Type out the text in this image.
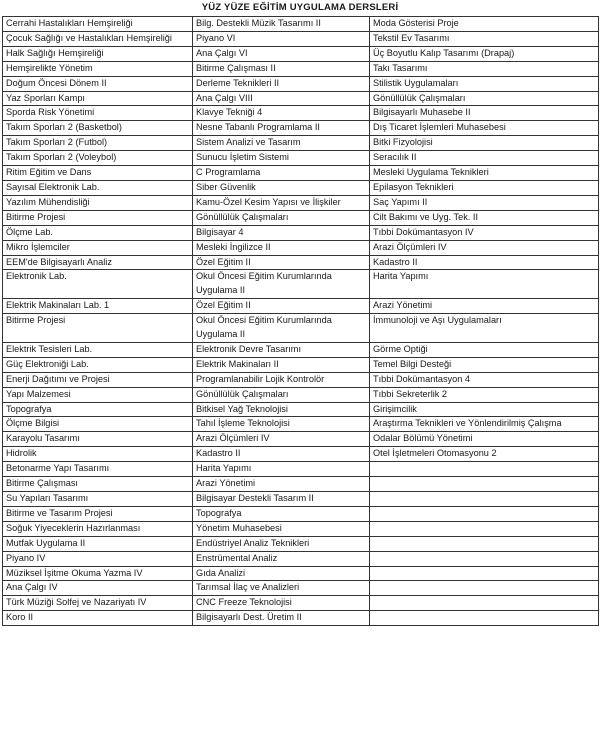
YÜZ YÜZE EĞİTİM UYGULAMA DERSLERİ
Cerrahi Hastalıkları Hemşireliği	Bilg. Destekli Müzik Tasarımı II	Moda Gösterisi Proje
Çocuk Sağlığı ve Hastalıkları Hemşireliği	Piyano VI	Tekstil Ev Tasarımı
Halk Sağlığı Hemşireliği	Ana Çalgı VI	Üç Boyutlu Kalıp Tasarımı (Drapaj)
Hemşirelikte Yönetim	Bitirme Çalışması II	Takı Tasarımı
Doğum Öncesi Dönem II	Derleme Teknikleri II	Stilistik Uygulamaları
Yaz Sporları Kampı	Ana Çalgı VIII	Gönüllülük Çalışmaları
Sporda Risk Yönetimi	Klavye Tekniği 4	Bilgisayarlı Muhasebe II
Takım Sporları 2 (Basketbol)	Nesne Tabanlı Programlama II	Dış Ticaret İşlemleri Muhasebesi
Takım Sporları 2 (Futbol)	Sistem Analizi ve Tasarım	Bitki Fizyolojisi
Takım Sporları 2 (Voleybol)	Sunucu İşletim Sistemi	Seracılık II
Ritim Eğitim ve Dans	C Programlama	Mesleki Uygulama Teknikleri
Sayısal Elektronik Lab.	Siber Güvenlik	Epilasyon Teknikleri
Yazılım Mühendisliği	Kamu-Özel Kesim Yapısı ve İlişkiler	Saç Yapımı II
Bitirme Projesi	Gönüllülük Çalışmaları	Cilt Bakımı ve Uyg. Tek. II
Ölçme Lab.	Bilgisayar 4	Tıbbi Dokümantasyon IV
Mikro İşlemciler	Mesleki İngilizce II	Arazi Ölçümleri IV
EEM'de Bilgisayarlı Analiz	Özel Eğitim II	Kadastro II
Elektronik Lab.	Okul Öncesi Eğitim Kurumlarında Uygulama II	Harita Yapımı
Elektrik Makinaları Lab. 1	Özel Eğitim II	Arazi Yönetimi
Bitirme Projesi	Okul Öncesi Eğitim Kurumlarında Uygulama II	İmmunoloji ve Aşı Uygulamaları
Elektrik Tesisleri Lab.	Elektronik Devre Tasarımı	Görme Optiği
Güç Elektroniği Lab.	Elektrik Makinaları II	Temel Bilgi Desteği
Enerji Dağıtımı ve Projesi	Programlanabilir Lojik Kontrolör	Tıbbi Dokümantasyon 4
Yapı Malzemesi	Gönüllülük Çalışmaları	Tıbbi Sekreterlik 2
Topografya	Bitkisel Yağ Teknolojisi	Girişimcilik
Ölçme Bilgisi	Tahıl İşleme Teknolojisi	Araştırma Teknikleri ve Yönlendirilmiş Çalışma
Karayolu Tasarımı	Arazi Ölçümleri IV	Odalar Bölümü Yönetimi
Hidrolik	Kadastro II	Otel İşletmeleri Otomasyonu 2
Betonarme Yapı Tasarımı	Harita Yapımı	
Bitirme Çalışması	Arazi Yönetimi	
Su Yapıları Tasarımı	Bilgisayar Destekli Tasarım II	
Bitirme ve Tasarım Projesi	Topografya	
Soğuk Yiyeceklerin Hazırlanması	Yönetim Muhasebesi	
Mutfak Uygulama II	Endüstriyel Analiz Teknikleri	
Piyano IV	Enstrümental Analiz	
Müziksel İşitme Okuma Yazma IV	Gıda Analizi	
Ana Çalgı IV	Tarımsal İlaç ve Analizleri	
Türk Müziği Solfej ve Nazariyatı IV	CNC Freeze Teknolojisi	
Koro II	Bilgisayarlı Dest. Üretim II	
